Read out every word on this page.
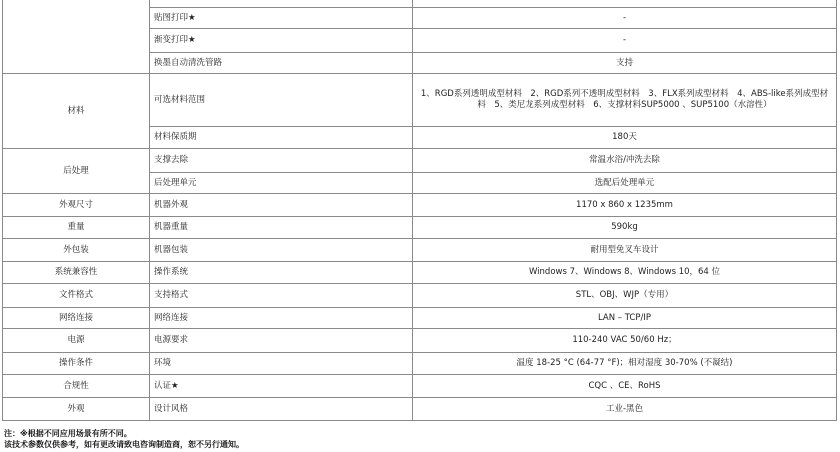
	贴图打印★	-
	渐变打印★	-
	换墨自动清洗管路	支持
材料	可选材料范围	1、RGD系列透明成型材料　2、RGD系列不透明成型材料　3、FLX系列成型材料　4、ABS-like系列成型材料　5、类尼龙系列成型材料　6、支撑材料SUP5000 、SUP5100（水溶性）
	材料保质期	180天
后处理	支撑去除	常温水浴/冲洗去除
	后处理单元	选配后处理单元
外观尺寸	机器外观	1170 x 860 x 1235mm
重量	机器重量	590kg
外包装	机器包装	耐用型免叉车设计
系统兼容性	操作系统	Windows 7、Windows 8、Windows 10，64 位
文件格式	支持格式	STL、OBJ、WJP（专用）
网络连接	网络连接	LAN – TCP/IP
电源	电源要求	110-240 VAC 50/60 Hz；
操作条件	环境	温度 18-25 °C (64-77 °F)；相对湿度 30-70% (不凝结)
合规性	认证★	CQC 、CE、RoHS
外观	设计风格	工业-黑色
注：※根据不同应用场景有所不同。
该技术参数仅供参考，如有更改请致电咨询制造商，恕不另行通知。
